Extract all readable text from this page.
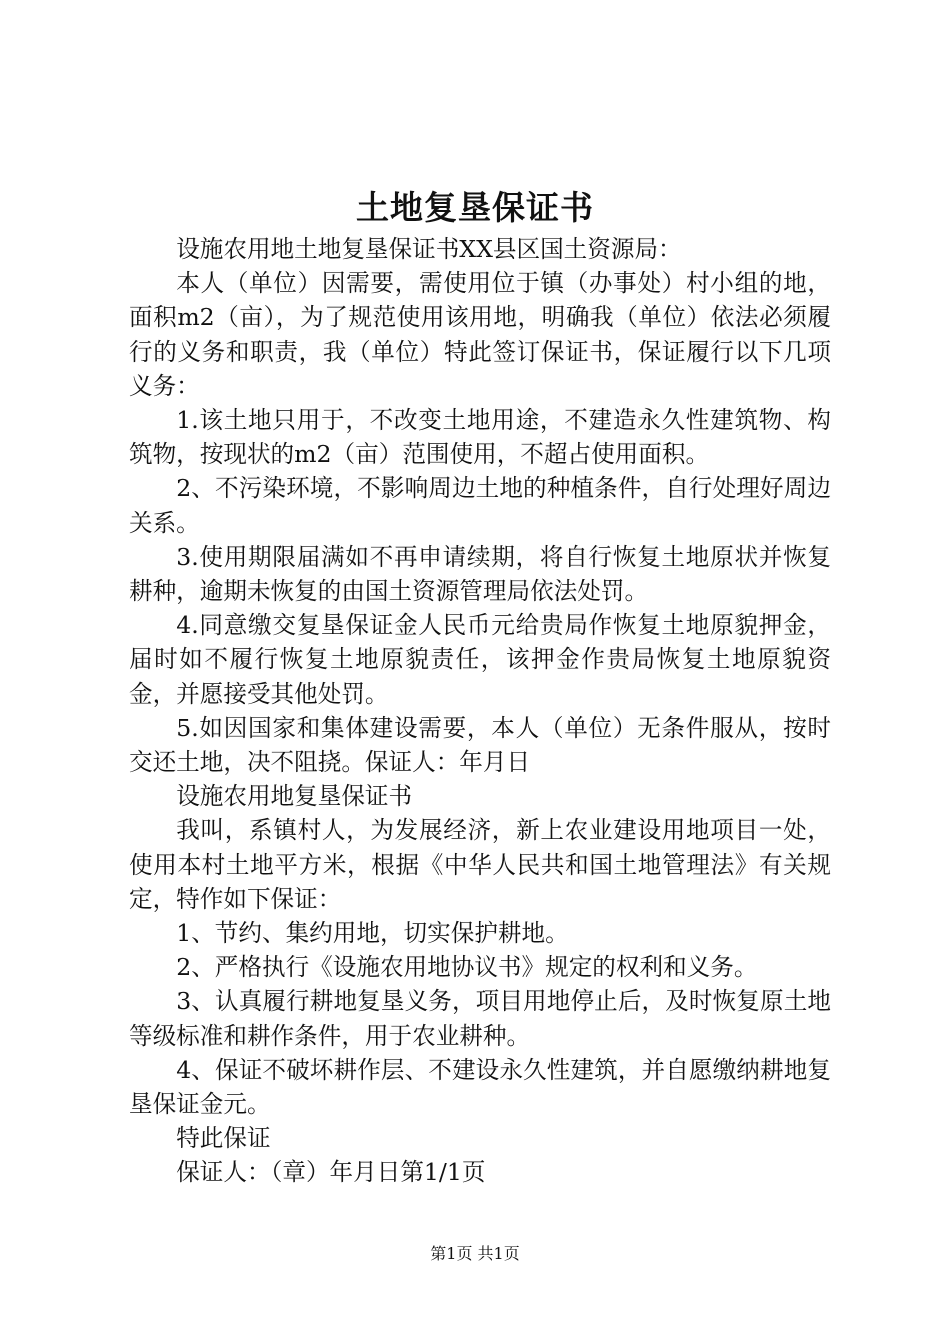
土地复垦保证书

设施农用地土地复垦保证书XX县区国土资源局：

本人（单位）因需要，需使用位于镇（办事处）村小组的地，面积m2（亩），为了规范使用该用地，明确我（单位）依法必须履行的义务和职责，我（单位）特此签订保证书，保证履行以下几项义务：

1.该土地只用于，不改变土地用途，不建造永久性建筑物、构筑物，按现状的m2（亩）范围使用，不超占使用面积。

2、不污染环境，不影响周边土地的种植条件，自行处理好周边关系。

3.使用期限届满如不再申请续期，将自行恢复土地原状并恢复耕种，逾期未恢复的由国土资源管理局依法处罚。

4.同意缴交复垦保证金人民币元给贵局作恢复土地原貌押金，届时如不履行恢复土地原貌责任，该押金作贵局恢复土地原貌资金，并愿接受其他处罚。

5.如因国家和集体建设需要，本人（单位）无条件服从，按时交还土地，决不阻挠。保证人：年月日

设施农用地复垦保证书

我叫，系镇村人，为发展经济，新上农业建设用地项目一处，使用本村土地平方米，根据《中华人民共和国土地管理法》有关规定，特作如下保证：

1、节约、集约用地，切实保护耕地。

2、严格执行《设施农用地协议书》规定的权利和义务。

3、认真履行耕地复垦义务，项目用地停止后，及时恢复原土地等级标准和耕作条件，用于农业耕种。

4、保证不破坏耕作层、不建设永久性建筑，并自愿缴纳耕地复垦保证金元。

特此保证

保证人：（章）年月日第1/1页

第1页 共1页
